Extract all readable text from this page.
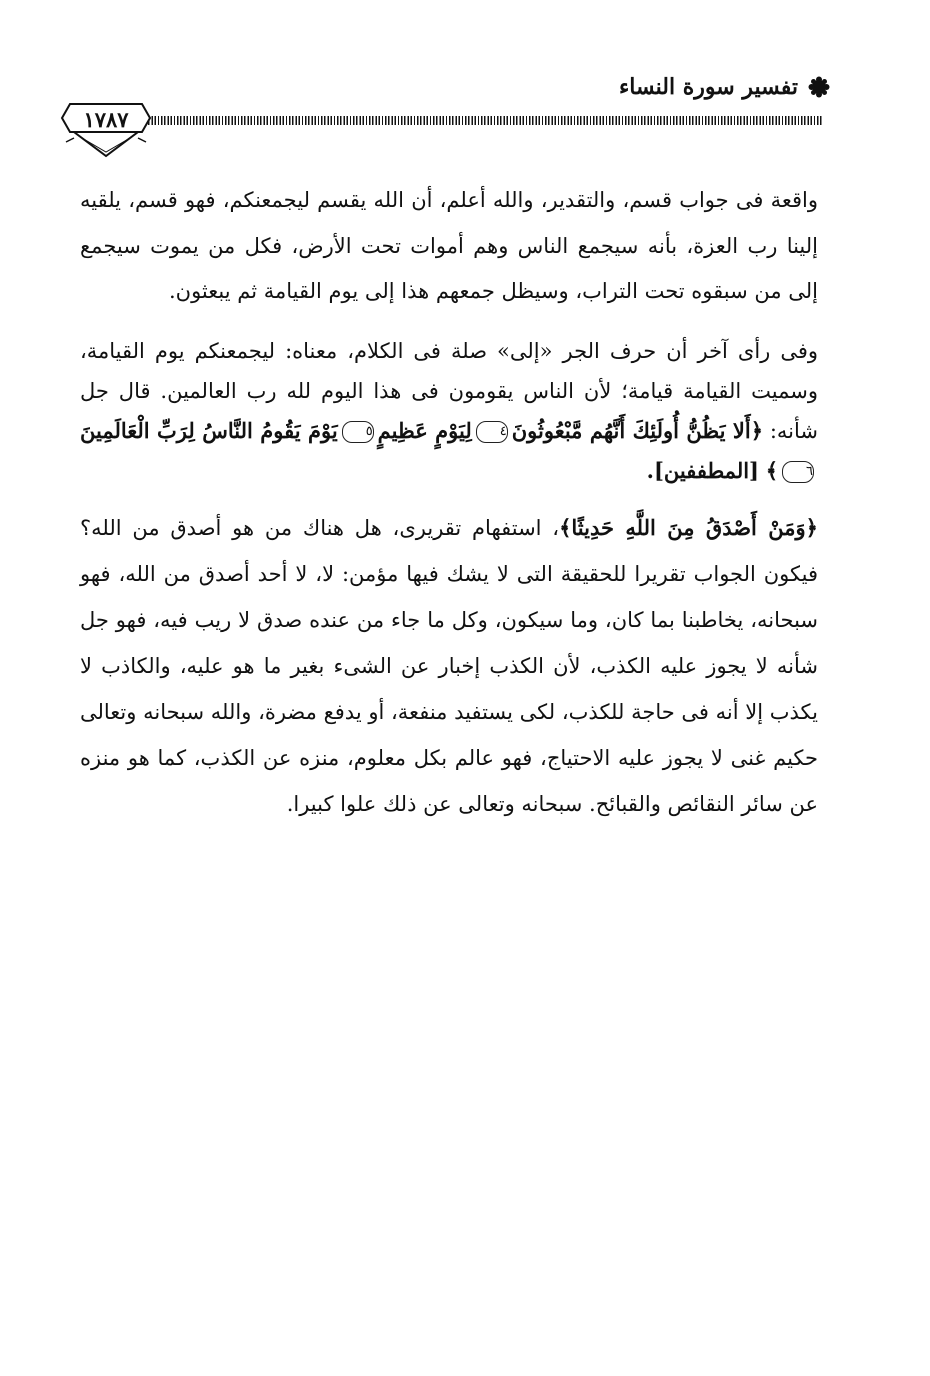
تفسير سورة النساء
١٧٨٧

واقعة فى جواب قسم، والتقدير، والله أعلم، أن الله يقسم ليجمعنكم، فهو قسم، يلقيه إلينا رب العزة، بأنه سيجمع الناس وهم أموات تحت الأرض، فكل من يموت سيجمع إلى من سبقوه تحت التراب، وسيظل جمعهم هذا إلى يوم القيامة ثم يبعثون.

وفى رأى آخر أن حرف الجر «إلى» صلة فى الكلام، معناه: ليجمعنكم يوم القيامة، وسميت القيامة قيامة؛ لأن الناس يقومون فى هذا اليوم لله رب العالمين. قال جل شأنه: ﴿أَلا يَظُنُّ أُولَئِكَ أَنَّهُم مَّبْعُوثُونَ٤لِيَوْمٍ عَظِيمٍ٥يَوْمَ يَقُومُ النَّاسُ لِرَبِّ الْعَالَمِينَ٦﴾ [المطففين].

﴿وَمَنْ أَصْدَقُ مِنَ اللَّهِ حَدِيثًا﴾، استفهام تقريرى، هل هناك من هو أصدق من الله؟ فيكون الجواب تقريرا للحقيقة التى لا يشك فيها مؤمن: لا، لا أحد أصدق من الله، فهو سبحانه، يخاطبنا بما كان، وما سيكون، وكل ما جاء من عنده صدق لا ريب فيه، فهو جل شأنه لا يجوز عليه الكذب، لأن الكذب إخبار عن الشىء بغير ما هو عليه، والكاذب لا يكذب إلا أنه فى حاجة للكذب، لكى يستفيد منفعة، أو يدفع مضرة، والله سبحانه وتعالى حكيم غنى لا يجوز عليه الاحتياج، فهو عالم بكل معلوم، منزه عن الكذب، كما هو منزه عن سائر النقائص والقبائح. سبحانه وتعالى عن ذلك علوا كبيرا.
